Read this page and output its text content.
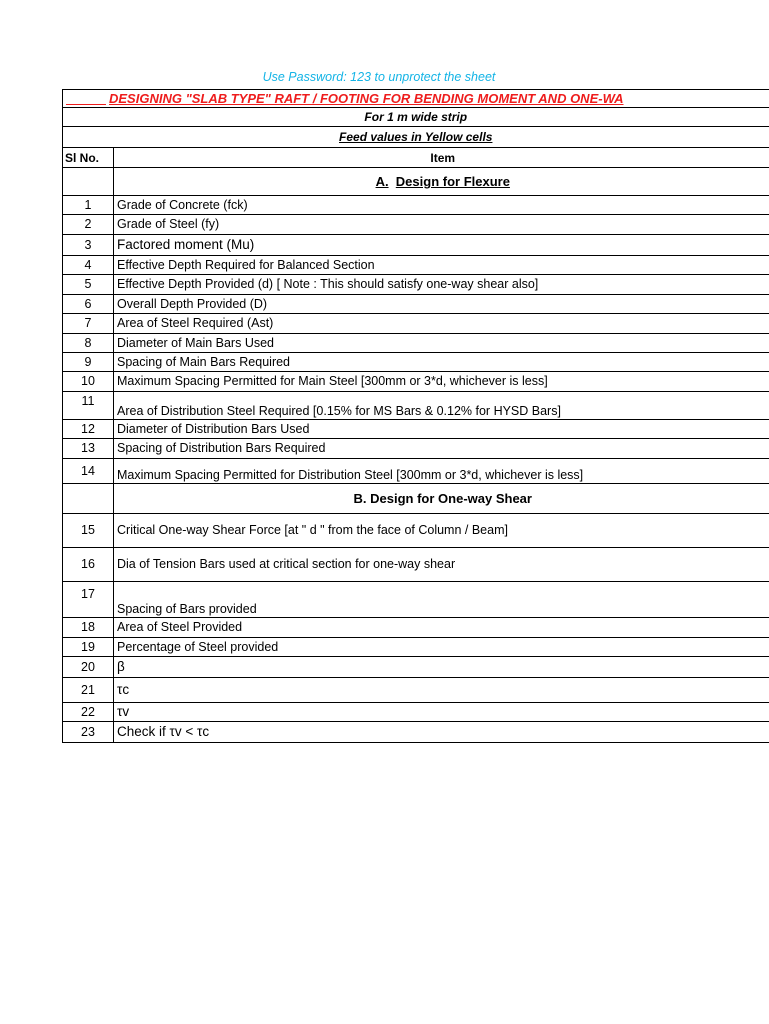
Use Password: 123 to unprotect the sheet
DESIGNING "SLAB TYPE" RAFT / FOOTING FOR BENDING MOMENT AND ONE-WA	
For 1 m wide strip	
Feed values in Yellow cells	
Sl No.	Item
	A. Design for Flexure
1	Grade of Concrete (fck)
2	Grade of Steel (fy)
3	Factored moment (Mu)
4	Effective Depth Required for Balanced Section
5	Effective Depth Provided (d) [ Note : This should satisfy one-way shear also]
6	Overall Depth Provided (D)
7	Area of Steel Required (Ast)
8	Diameter of Main Bars Used
9	Spacing of Main Bars Required
10	Maximum Spacing Permitted for Main Steel [300mm or 3*d, whichever is less]
11	Area of Distribution Steel Required [0.15% for MS Bars & 0.12% for HYSD Bars]
12	Diameter of Distribution Bars Used
13	Spacing of Distribution Bars Required
14	Maximum Spacing Permitted for Distribution Steel [300mm or 3*d, whichever is less]
	B. Design for One-way Shear
15	Critical One-way Shear Force [at " d " from the face of Column / Beam]
16	Dia of Tension Bars used at critical section for one-way shear
17	Spacing of Bars provided
18	Area of Steel Provided
19	Percentage of Steel provided
20	β
21	τc
22	τv
23	Check if τv < τc
